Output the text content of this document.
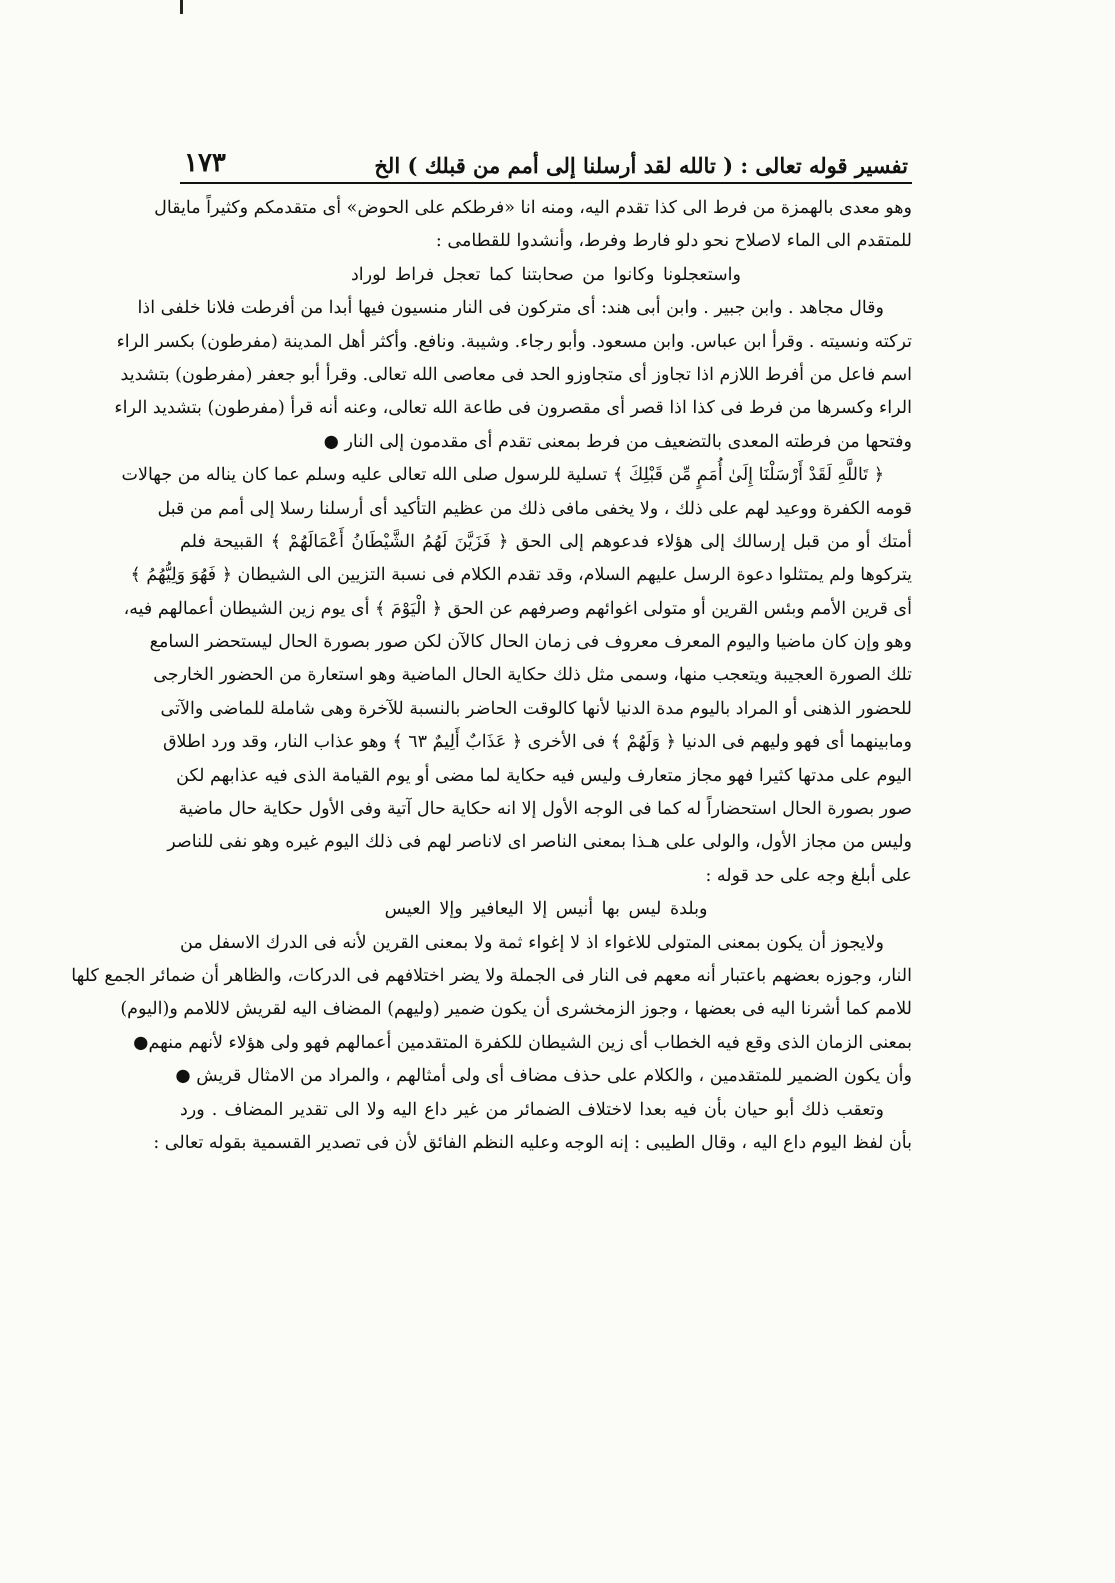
تفسير قوله تعالى : ( تالله لقد أرسلنا إلى أمم من قبلك ) الخ
١٧٣
وهو معدى بالهمزة من فرط الى كذا تقدم اليه، ومنه انا «فرطكم على الحوض» أى متقدمكم وكثيراً مايقال
للمتقدم الى الماء لاصلاح نحو دلو فارط وفرط، وأنشدوا للقطامى :
واستعجلونا وكانوا من صحابتنا كما تعجل فراط لوراد
وقال مجاهد . وابن جبير . وابن أبى هند: أى متركون فى النار منسيون فيها أبدا من أفرطت فلانا خلفى اذا
تركته ونسيته . وقرأ ابن عباس. وابن مسعود. وأبو رجاء. وشيبة. ونافع. وأكثر أهل المدينة (مفرطون) بكسر الراء
اسم فاعل من أفرط اللازم اذا تجاوز أى متجاوزو الحد فى معاصى الله تعالى. وقرأ أبو جعفر (مفرطون) بتشديد
الراء وكسرها من فرط فى كذا اذا قصر أى مقصرون فى طاعة الله تعالى، وعنه أنه قرأ (مفرطون) بتشديد الراء
وفتحها من فرطته المعدى بالتضعيف من فرط بمعنى تقدم أى مقدمون إلى النار ●
﴿ تَاللَّهِ لَقَدْ أَرْسَلْنَا إِلَىٰ أُمَمٍ مِّن قَبْلِكَ ﴾ تسلية للرسول صلى الله تعالى عليه وسلم عما كان يناله من جهالات
قومه الكفرة ووعيد لهم على ذلك ، ولا يخفى مافى ذلك من عظيم التأكيد أى أرسلنا رسلا إلى أمم من قبل
أمتك أو من قبل إرسالك إلى هؤلاء فدعوهم إلى الحق ﴿ فَزَيَّنَ لَهُمُ الشَّيْطَانُ أَعْمَالَهُمْ ﴾ القبيحة فلم
يتركوها ولم يمتثلوا دعوة الرسل عليهم السلام، وقد تقدم الكلام فى نسبة التزيين الى الشيطان ﴿ فَهُوَ وَلِيُّهُمُ ﴾
أى قرين الأمم وبئس القرين أو متولى اغوائهم وصرفهم عن الحق ﴿ الْيَوْمَ ﴾ أى يوم زين الشيطان أعمالهم فيه،
وهو وإن كان ماضيا واليوم المعرف معروف فى زمان الحال كالآن لكن صور بصورة الحال ليستحضر السامع
تلك الصورة العجيبة ويتعجب منها، وسمى مثل ذلك حكاية الحال الماضية وهو استعارة من الحضور الخارجى
للحضور الذهنى أو المراد باليوم مدة الدنيا لأنها كالوقت الحاضر بالنسبة للآخرة وهى شاملة للماضى والآتى
ومابينهما أى فهو وليهم فى الدنيا ﴿ وَلَهُمْ ﴾ فى الأخرى ﴿ عَذَابٌ أَلِيمٌ ٦٣ ﴾ وهو عذاب النار، وقد ورد اطلاق
اليوم على مدتها كثيرا فهو مجاز متعارف وليس فيه حكاية لما مضى أو يوم القيامة الذى فيه عذابهم لكن
صور بصورة الحال استحضاراً له كما فى الوجه الأول إلا انه حكاية حال آتية وفى الأول حكاية حال ماضية
وليس من مجاز الأول، والولى على هـذا بمعنى الناصر اى لاناصر لهم فى ذلك اليوم غيره وهو نفى للناصر
على أبلغ وجه على حد قوله :
وبلدة ليس بها أنيس إلا اليعافير وإلا العيس
ولايجوز أن يكون بمعنى المتولى للاغواء اذ لا إغواء ثمة ولا بمعنى القرين لأنه فى الدرك الاسفل من
النار، وجوزه بعضهم باعتبار أنه معهم فى النار فى الجملة ولا يضر اختلافهم فى الدركات، والظاهر أن ضمائر الجمع كلها
للامم كما أشرنا اليه فى بعضها ، وجوز الزمخشرى أن يكون ضمير (وليهم) المضاف اليه لقريش لاللامم و(اليوم)
بمعنى الزمان الذى وقع فيه الخطاب أى زين الشيطان للكفرة المتقدمين أعمالهم فهو ولى هؤلاء لأنهم منهم●
وأن يكون الضمير للمتقدمين ، والكلام على حذف مضاف أى ولى أمثالهم ، والمراد من الامثال قريش ●
وتعقب ذلك أبو حيان بأن فيه بعدا لاختلاف الضمائر من غير داع اليه ولا الى تقدير المضاف . ورد
بأن لفظ اليوم داع اليه ، وقال الطيبى : إنه الوجه وعليه النظم الفائق لأن فى تصدير القسمية بقوله تعالى :
